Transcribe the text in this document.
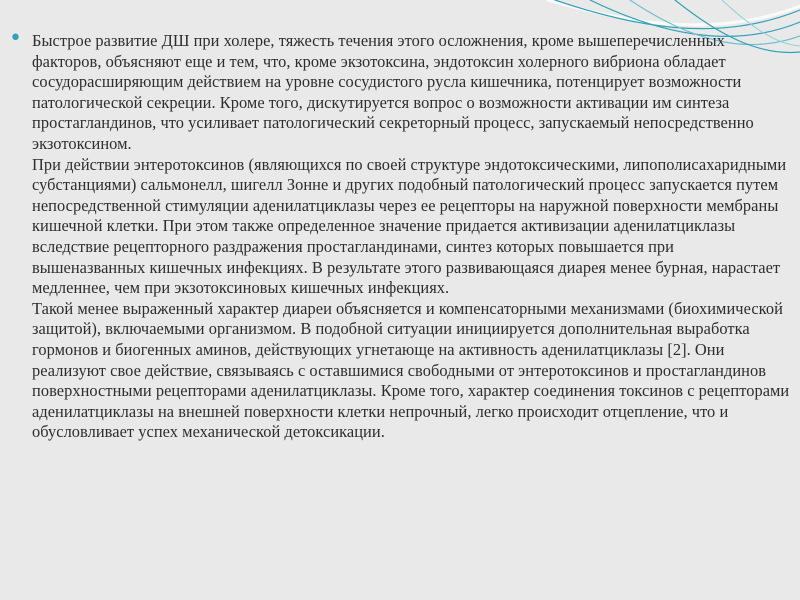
• Быстрое развитие ДШ при холере, тяжесть течения этого осложнения, кроме вышеперечисленных факторов, объясняют еще и тем, что, кроме экзотоксина, эндотоксин холерного вибриона обладает сосудорасширяющим действием на уровне сосудистого русла кишечника, потенцирует возможности патологической секреции. Кроме того, дискутируется вопрос о возможности активации им синтеза простагландинов, что усиливает патологический секреторный процесс, запускаемый непосредственно экзотоксином.

При действии энтеротоксинов (являющихся по своей структуре эндотоксическими, липополисахаридными субстанциями) сальмонелл, шигелл Зонне и других подобный патологический процесс запускается путем непосредственной стимуляции аденилатциклазы через ее рецепторы на наружной поверхности мембраны кишечной клетки. При этом также определенное значение придается активизации аденилатциклазы вследствие рецепторного раздражения простагландинами, синтез которых повышается при вышеназванных кишечных инфекциях. В результате этого развивающаяся диарея менее бурная, нарастает медленнее, чем при экзотоксиновых кишечных инфекциях.

Такой менее выраженный характер диареи объясняется и компенсаторными механизмами (биохимической защитой), включаемыми организмом. В подобной ситуации инициируется дополнительная выработка гормонов и биогенных аминов, действующих угнетающе на активность аденилатциклазы [2]. Они реализуют свое действие, связываясь с оставшимися свободными от энтеротоксинов и простагландинов поверхностными рецепторами аденилатциклазы. Кроме того, характер соединения токсинов с рецепторами аденилатциклазы на внешней поверхности клетки непрочный, легко происходит отцепление, что и обусловливает успех механической детоксикации.
